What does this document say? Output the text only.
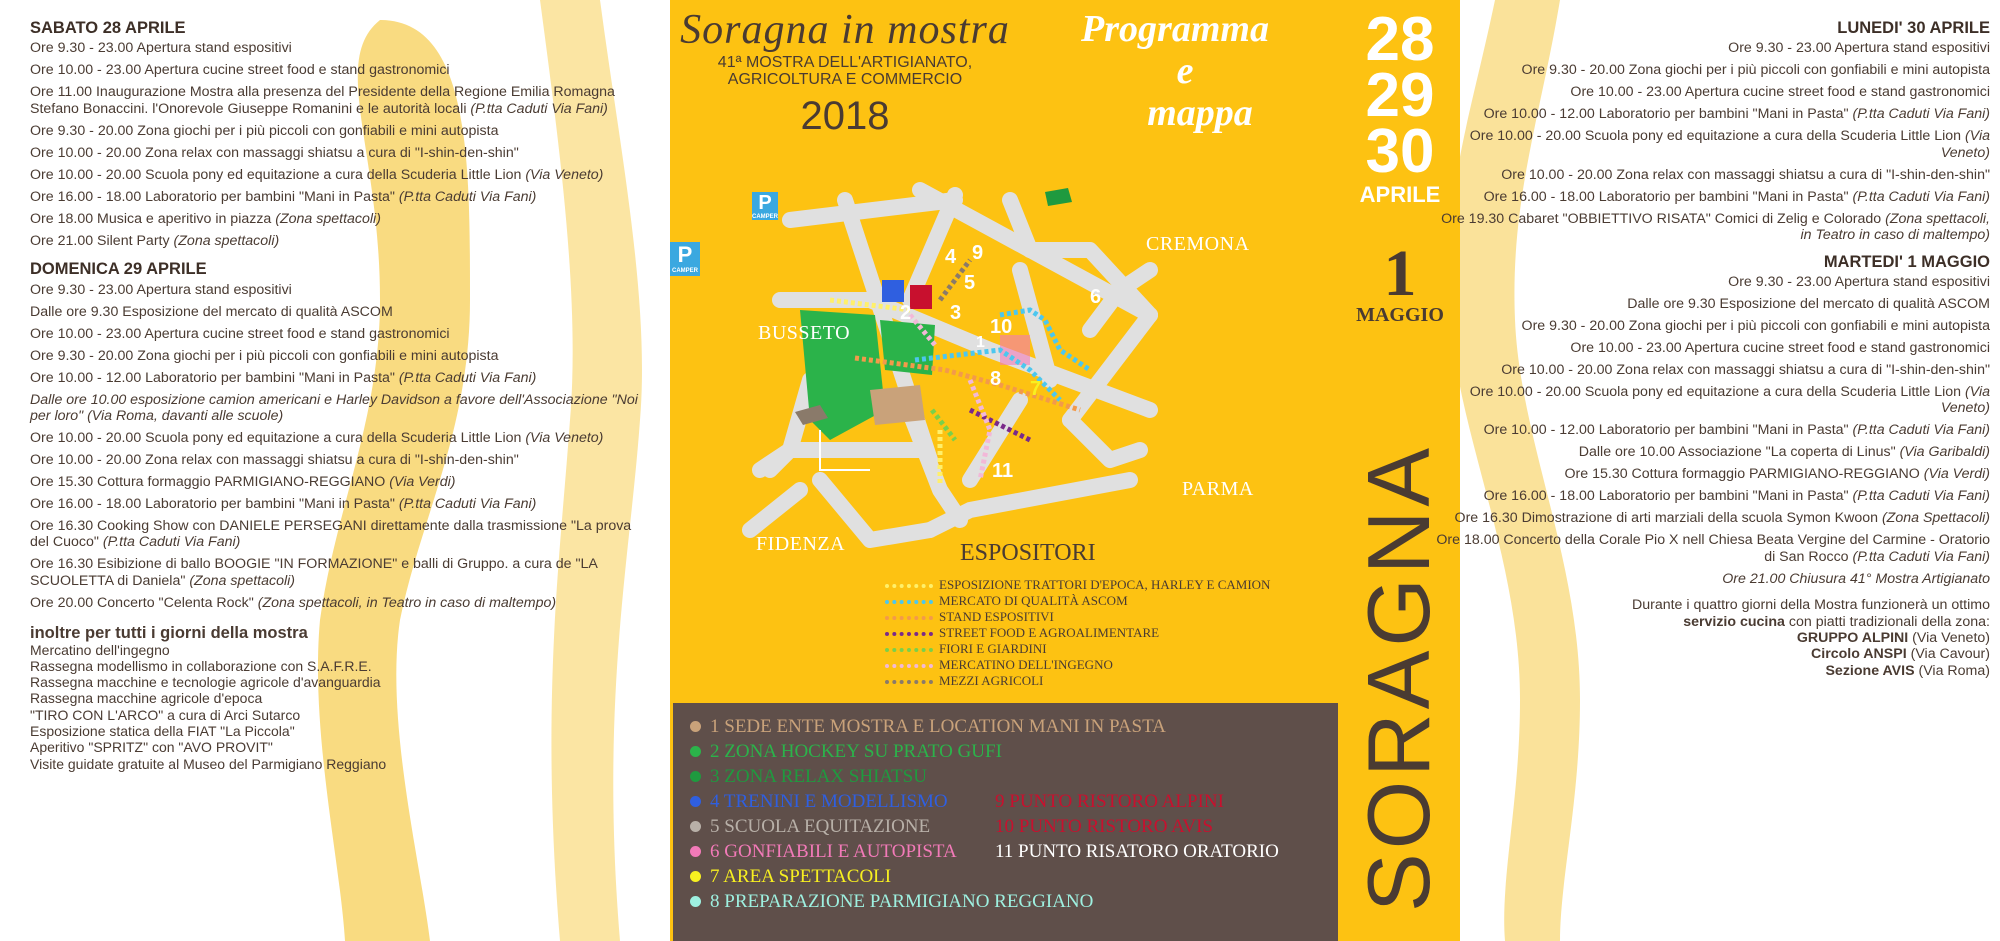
SABATO 28 APRILE
Ore 9.30 - 23.00 Apertura stand espositivi
Ore 10.00 - 23.00 Apertura cucine street food e stand gastronomici
Ore 11.00 Inaugurazione Mostra alla presenza del Presidente della Regione Emilia Romagna Stefano Bonaccini. l'Onorevole Giuseppe Romanini e le autorità locali (P.tta Caduti Via Fani)
Ore 9.30 - 20.00 Zona giochi per i più piccoli con gonfiabili e mini autopista
Ore 10.00 - 20.00 Zona relax con massaggi shiatsu a cura di "I-shin-den-shin"
Ore 10.00 - 20.00 Scuola pony ed equitazione a cura della Scuderia Little Lion (Via Veneto)
Ore 16.00 - 18.00 Laboratorio per bambini "Mani in Pasta" (P.tta Caduti Via Fani)
Ore 18.00 Musica e aperitivo in piazza (Zona spettacoli)
Ore 21.00 Silent Party (Zona spettacoli)
DOMENICA 29 APRILE
Ore 9.30 - 23.00 Apertura stand espositivi
Dalle ore 9.30 Esposizione del mercato di qualità ASCOM
Ore 10.00 - 23.00 Apertura cucine street food e stand gastronomici
Ore 9.30 - 20.00 Zona giochi per i più piccoli con gonfiabili e mini autopista
Ore 10.00 - 12.00 Laboratorio per bambini "Mani in Pasta" (P.tta Caduti Via Fani)
Dalle ore 10.00 esposizione camion americani e Harley Davidson a favore dell'Associazione "Noi per loro" (Via Roma, davanti alle scuole)
Ore 10.00 - 20.00 Scuola pony ed equitazione a cura della Scuderia Little Lion (Via Veneto)
Ore 10.00 - 20.00 Zona relax con massaggi shiatsu a cura di "I-shin-den-shin"
Ore 15.30 Cottura formaggio PARMIGIANO-REGGIANO (Via Verdi)
Ore 16.00 - 18.00 Laboratorio per bambini "Mani in Pasta" (P.tta Caduti Via Fani)
Ore 16.30 Cooking Show con DANIELE PERSEGANI direttamente dalla trasmissione "La prova del Cuoco" (P.tta Caduti Via Fani)
Ore 16.30 Esibizione di ballo BOOGIE "IN FORMAZIONE" e balli di Gruppo. a cura de "LA SCUOLETTA di Daniela" (Zona spettacoli)
Ore 20.00 Concerto "Celenta Rock" (Zona spettacoli, in Teatro in caso di maltempo)
inoltre per tutti i giorni della mostra
Mercatino dell'ingegno
Rassegna modellismo in collaborazione con S.A.F.R.E.
Rassegna macchine e tecnologie agricole d'avanguardia
Rassegna macchine agricole d'epoca
"TIRO CON L'ARCO" a cura di Arci Sutarco
Esposizione statica della FIAT "La Piccola"
Aperitivo "SPRITZ" con "AVO PROVIT"
Visite guidate gratuite al Museo del Parmigiano Reggiano
Soragna in mostra
41ª MOSTRA DELL'ARTIGIANATO,
AGRICOLTURA E COMMERCIO
2018
Programma
e
mappa
28
29
30
APRILE
1
MAGGIO
SORAGNA
BUSSETO
CREMONA
PARMA
FIDENZA
P
CAMPER
P
CAMPER
4 9
5
6
2 3
10
1
8 7
11
ESPOSITORI
ESPOSIZIONE TRATTORI D'EPOCA, HARLEY E CAMION
MERCATO DI QUALITÀ ASCOM
STAND ESPOSITIVI
STREET FOOD E AGROALIMENTARE
FIORI E GIARDINI
MERCATINO DELL'INGEGNO
MEZZI AGRICOLI
1 SEDE ENTE MOSTRA E LOCATION MANI IN PASTA
2 ZONA HOCKEY SU PRATO GUFI
3 ZONA RELAX SHIATSU
4 TRENINI E MODELLISMO
5 SCUOLA EQUITAZIONE
6 GONFIABILI E AUTOPISTA
7 AREA SPETTACOLI
8 PREPARAZIONE PARMIGIANO REGGIANO
9 PUNTO RISTORO ALPINI
10 PUNTO RISTORO AVIS
11 PUNTO RISATORO ORATORIO
LUNEDI' 30 APRILE
Ore 9.30 - 23.00 Apertura stand espositivi
Ore 9.30 - 20.00 Zona giochi per i più piccoli con gonfiabili e mini autopista
Ore 10.00 - 23.00 Apertura cucine street food e stand gastronomici
Ore 10.00 - 12.00 Laboratorio per bambini "Mani in Pasta" (P.tta Caduti Via Fani)
Ore 10.00 - 20.00 Scuola pony ed equitazione a cura della Scuderia Little Lion (Via Veneto)
Ore 10.00 - 20.00 Zona relax con massaggi shiatsu a cura di "I-shin-den-shin"
Ore 16.00 - 18.00 Laboratorio per bambini "Mani in Pasta" (P.tta Caduti Via Fani)
Ore 19.30 Cabaret "OBBIETTIVO RISATA" Comici di Zelig e Colorado (Zona spettacoli, in Teatro in caso di maltempo)
MARTEDI' 1 MAGGIO
Ore 9.30 - 23.00 Apertura stand espositivi
Dalle ore 9.30 Esposizione del mercato di qualità ASCOM
Ore 9.30 - 20.00 Zona giochi per i più piccoli con gonfiabili e mini autopista
Ore 10.00 - 23.00 Apertura cucine street food e stand gastronomici
Ore 10.00 - 20.00 Zona relax con massaggi shiatsu a cura di "I-shin-den-shin"
Ore 10.00 - 20.00 Scuola pony ed equitazione a cura della Scuderia Little Lion (Via Veneto)
Ore 10.00 - 12.00 Laboratorio per bambini "Mani in Pasta" (P.tta Caduti Via Fani)
Dalle ore 10.00 Associazione "La coperta di Linus" (Via Garibaldi)
Ore 15.30 Cottura formaggio PARMIGIANO-REGGIANO (Via Verdi)
Ore 16.00 - 18.00 Laboratorio per bambini "Mani in Pasta" (P.tta Caduti Via Fani)
Ore 16.30 Dimostrazione di arti marziali della scuola Symon Kwoon (Zona Spettacoli)
Ore 18.00 Concerto della Corale Pio X nell Chiesa Beata Vergine del Carmine - Oratorio di San Rocco (P.tta Caduti Via Fani)
Ore 21.00 Chiusura 41° Mostra Artigianato
Durante i quattro giorni della Mostra funzionerà un ottimo
servizio cucina con piatti tradizionali della zona:
GRUPPO ALPINI (Via Veneto)
Circolo ANSPI (Via Cavour)
Sezione AVIS (Via Roma)
